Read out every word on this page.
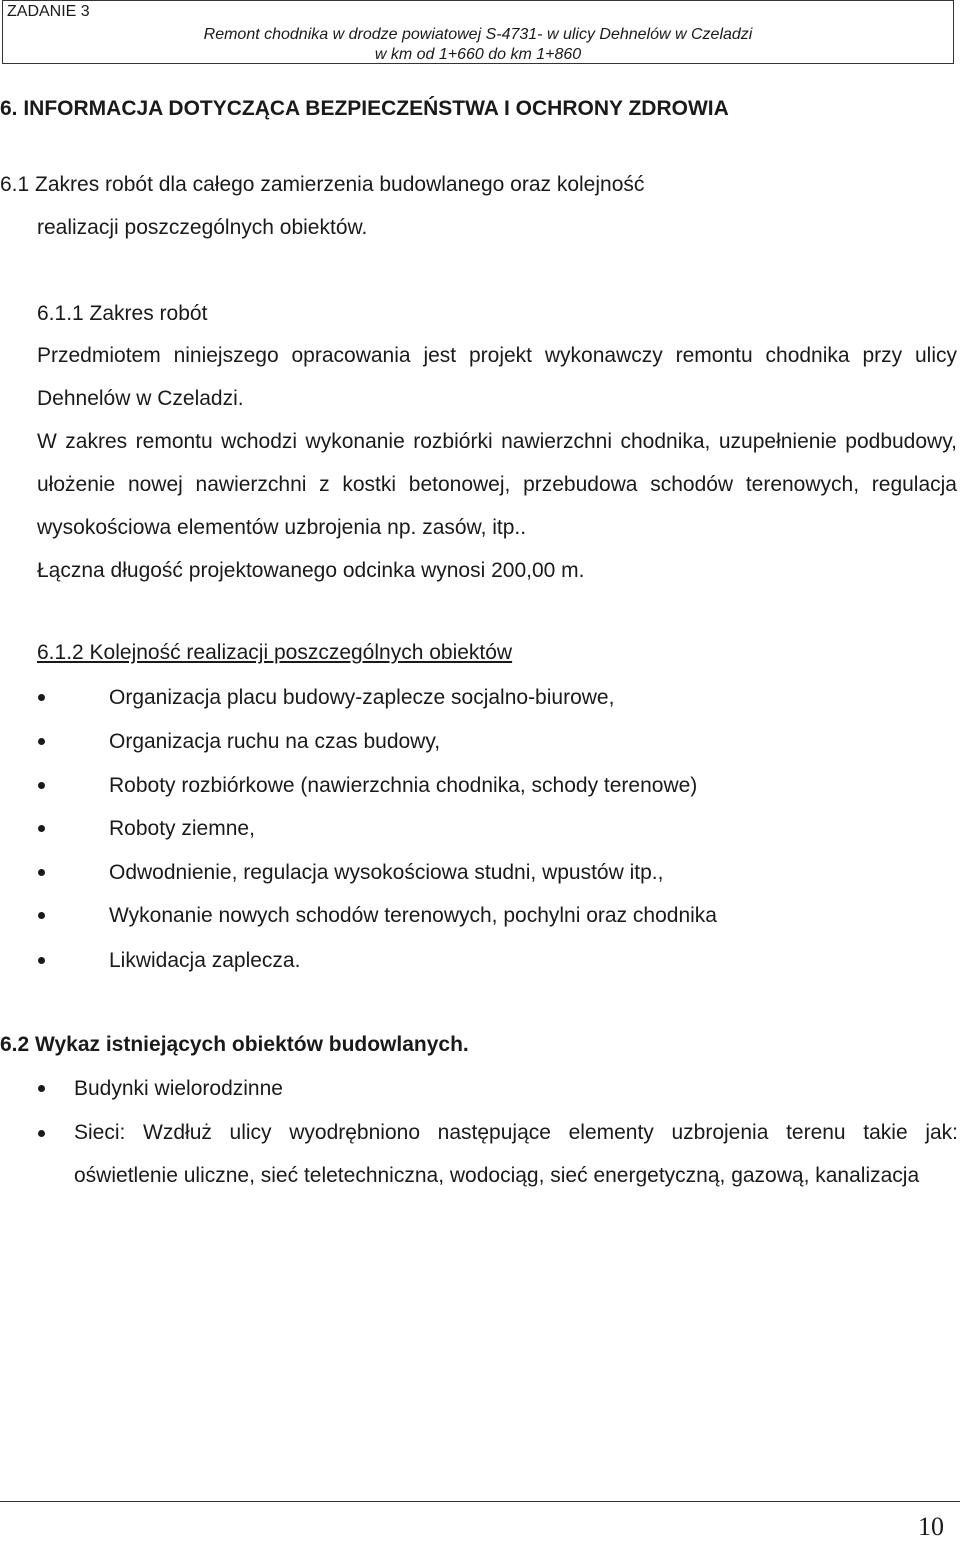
ZADANIE 3
Remont chodnika w drodze powiatowej S-4731- w ulicy Dehnelów w Czeladzi
w km od 1+660 do km 1+860
6. INFORMACJA DOTYCZĄCA BEZPIECZEŃSTWA I OCHRONY ZDROWIA
6.1 Zakres robót dla całego zamierzenia budowlanego oraz kolejność
realizacji poszczególnych obiektów.
6.1.1 Zakres robót
Przedmiotem niniejszego opracowania jest projekt wykonawczy remontu chodnika przy ulicy Dehnelów w Czeladzi.
W zakres remontu wchodzi wykonanie rozbiórki nawierzchni chodnika, uzupełnienie podbudowy, ułożenie nowej nawierzchni z kostki betonowej, przebudowa schodów terenowych, regulacja wysokościowa elementów uzbrojenia np. zasów, itp..
Łączna długość projektowanego odcinka wynosi 200,00 m.
6.1.2 Kolejność realizacji poszczególnych obiektów
Organizacja placu budowy-zaplecze socjalno-biurowe,
Organizacja ruchu na czas budowy,
Roboty rozbiórkowe (nawierzchnia chodnika, schody terenowe)
Roboty ziemne,
Odwodnienie, regulacja wysokościowa studni, wpustów itp.,
Wykonanie nowych schodów terenowych, pochylni oraz chodnika
Likwidacja zaplecza.
6.2 Wykaz istniejących obiektów budowlanych.
Budynki wielorodzinne
Sieci: Wzdłuż ulicy wyodrębniono następujące elementy uzbrojenia terenu takie jak: oświetlenie uliczne, sieć teletechniczna, wodociąg, sieć energetyczną, gazową, kanalizacja
10
